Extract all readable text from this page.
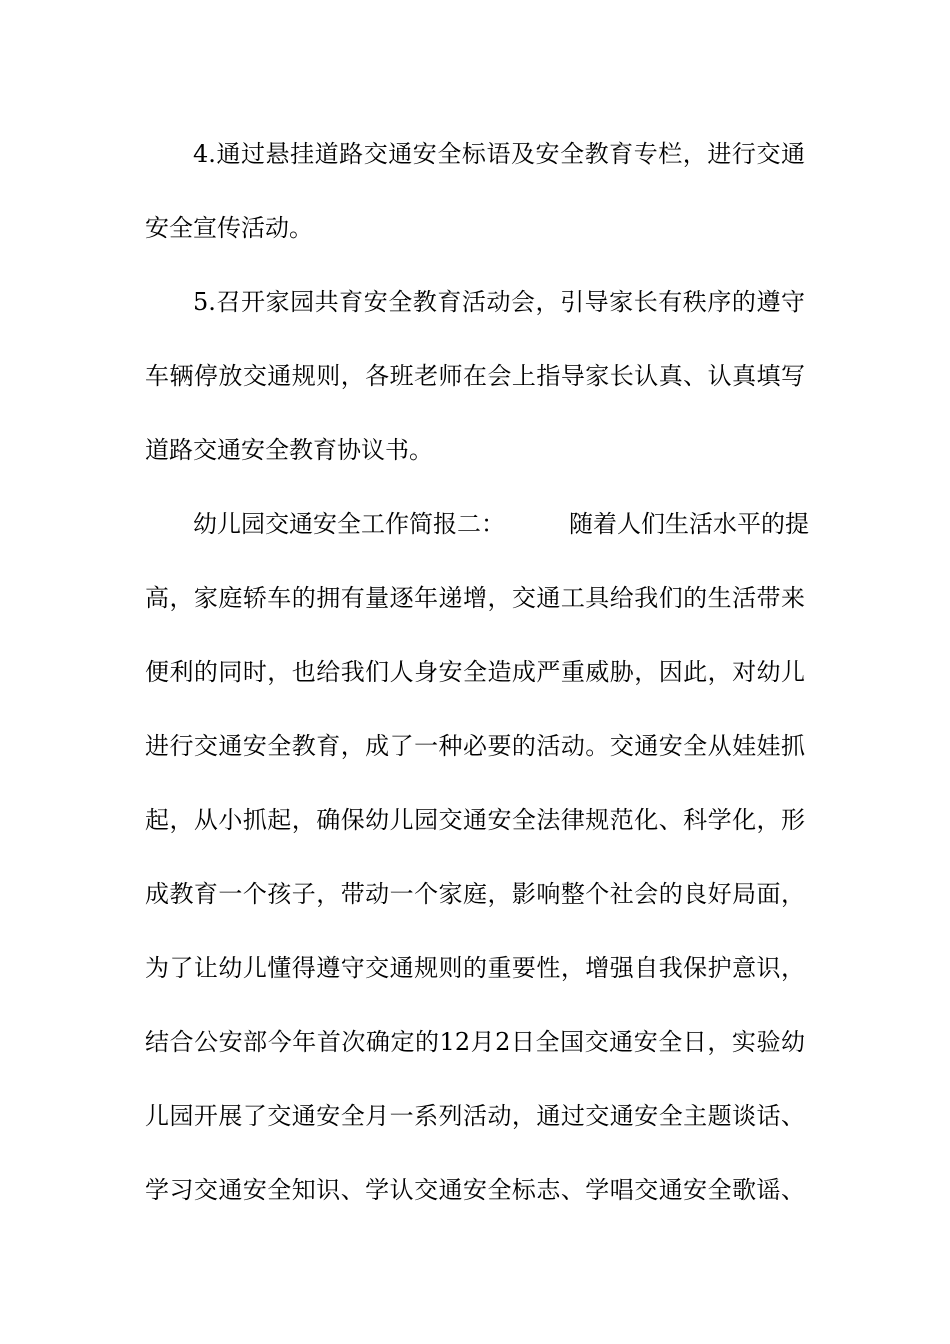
4.通过悬挂道路交通安全标语及安全教育专栏，进行交通
安全宣传活动。
5.召开家园共育安全教育活动会，引导家长有秩序的遵守
车辆停放交通规则，各班老师在会上指导家长认真、认真填写
道路交通安全教育协议书。
幼儿园交通安全工作简报二：	随着人们生活水平的提
高，家庭轿车的拥有量逐年递增，交通工具给我们的生活带来
便利的同时，也给我们人身安全造成严重威胁，因此，对幼儿
进行交通安全教育，成了一种必要的活动。交通安全从娃娃抓
起，从小抓起，确保幼儿园交通安全法律规范化、科学化，形
成教育一个孩子，带动一个家庭，影响整个社会的良好局面，
为了让幼儿懂得遵守交通规则的重要性，增强自我保护意识，
结合公安部今年首次确定的12月2日全国交通安全日，实验幼
儿园开展了交通安全月一系列活动，通过交通安全主题谈话、
学习交通安全知识、学认交通安全标志、学唱交通安全歌谣、
